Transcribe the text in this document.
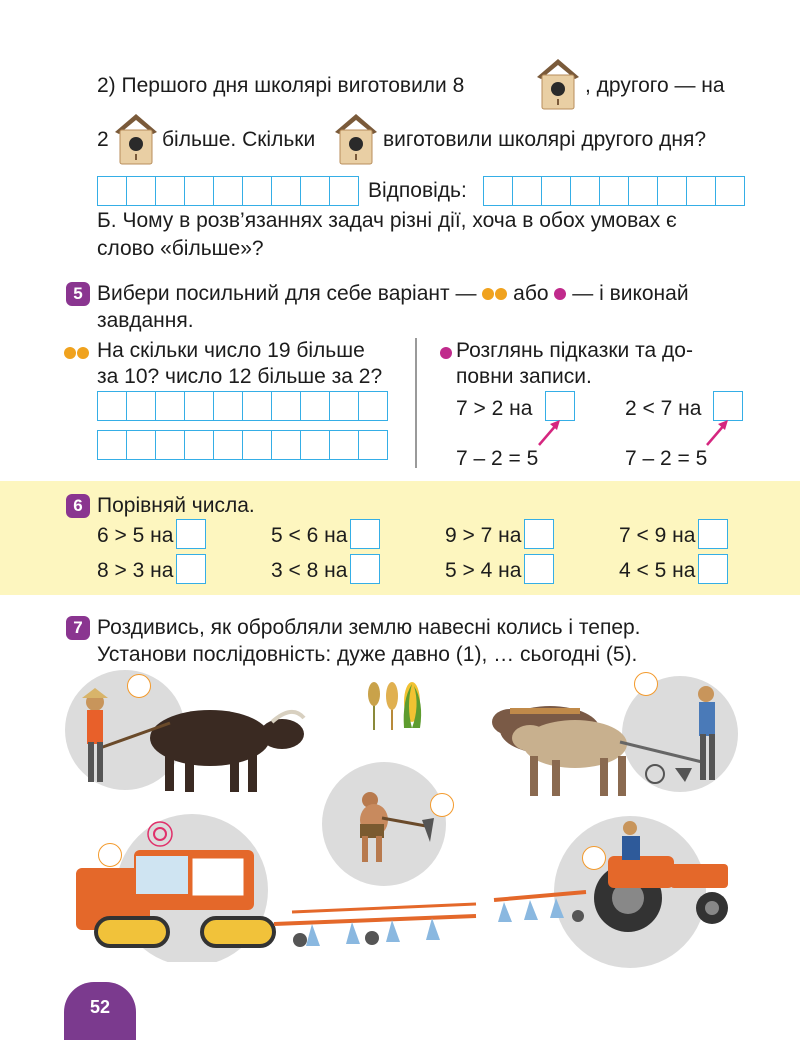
2) Першого дня школярі виготовили 8	, другого — на
2	більше. Скільки	виготовили школярі другого дня?
Відповідь:
Б. Чому в розв’язаннях задач різні дії, хоча в обох умовах є
слово «більше»?
5 Вибери посильний для себе варіант — або — і виконай
завдання.
На скільки число 19 більше
за 10? число 12 більше за 2?
Розглянь підказки та до-
повни записи.
7 > 2 на
7 – 2 = 5
2 < 7 на
7 – 2 = 5
6 Порівняй числа.
6 > 5 на	5 < 6 на	9 > 7 на	7 < 9 на
8 > 3 на	3 < 8 на	5 > 4 на	4 < 5 на
7 Роздивись, як обробляли землю навесні колись і тепер.
Установи послідовність: дуже давно (1), … сьогодні (5).
52
